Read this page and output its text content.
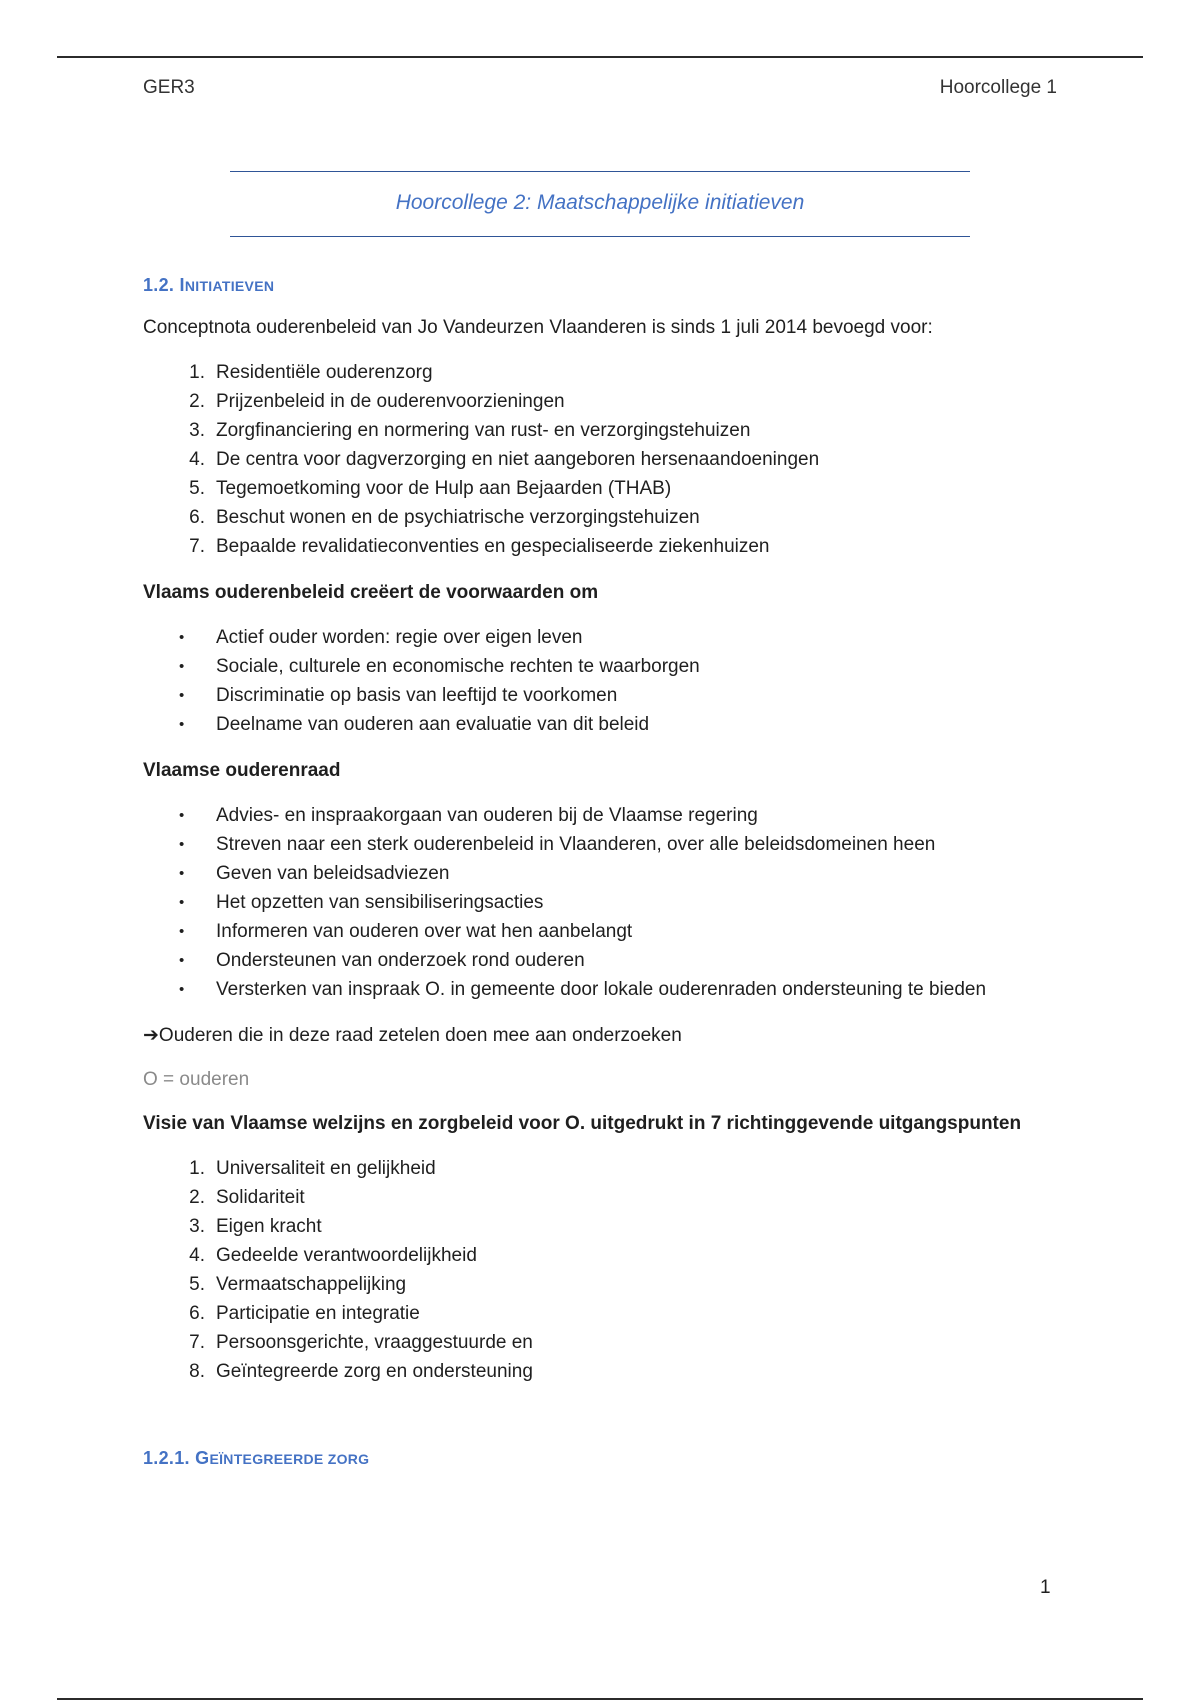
GER3	Hoorcollege 1
Hoorcollege 2: Maatschappelijke initiatieven
1.2. INITIATIEVEN
Conceptnota ouderenbeleid van Jo Vandeurzen Vlaanderen is sinds 1 juli 2014 bevoegd voor:
1. Residentiële ouderenzorg
2. Prijzenbeleid in de ouderenvoorzieningen
3. Zorgfinanciering en normering van rust- en verzorgingstehuizen
4. De centra voor dagverzorging en niet aangeboren hersenaandoeningen
5. Tegemoetkoming voor de Hulp aan Bejaarden (THAB)
6. Beschut wonen en de psychiatrische verzorgingstehuizen
7. Bepaalde revalidatieconventies en gespecialiseerde ziekenhuizen
Vlaams ouderenbeleid creëert de voorwaarden om
•	Actief ouder worden: regie over eigen leven
•	Sociale, culturele en economische rechten te waarborgen
•	Discriminatie op basis van leeftijd te voorkomen
•	Deelname van ouderen aan evaluatie van dit beleid
Vlaamse ouderenraad
•	Advies- en inspraakorgaan van ouderen bij de Vlaamse regering
•	Streven naar een sterk ouderenbeleid in Vlaanderen, over alle beleidsdomeinen heen
•	Geven van beleidsadviezen
•	Het opzetten van sensibiliseringsacties
•	Informeren van ouderen over wat hen aanbelangt
•	Ondersteunen van onderzoek rond ouderen
•	Versterken van inspraak O. in gemeente door lokale ouderenraden ondersteuning te bieden
➔Ouderen die in deze raad zetelen doen mee aan onderzoeken
O = ouderen
Visie van Vlaamse welzijns en zorgbeleid voor O. uitgedrukt in 7 richtinggevende uitgangspunten
1. Universaliteit en gelijkheid
2. Solidariteit
3. Eigen kracht
4. Gedeelde verantwoordelijkheid
5. Vermaatschappelijking
6. Participatie en integratie
7. Persoonsgerichte, vraaggestuurde en
8. Geïntegreerde zorg en ondersteuning
1.2.1. GEÏNTEGREERDE ZORG
1
